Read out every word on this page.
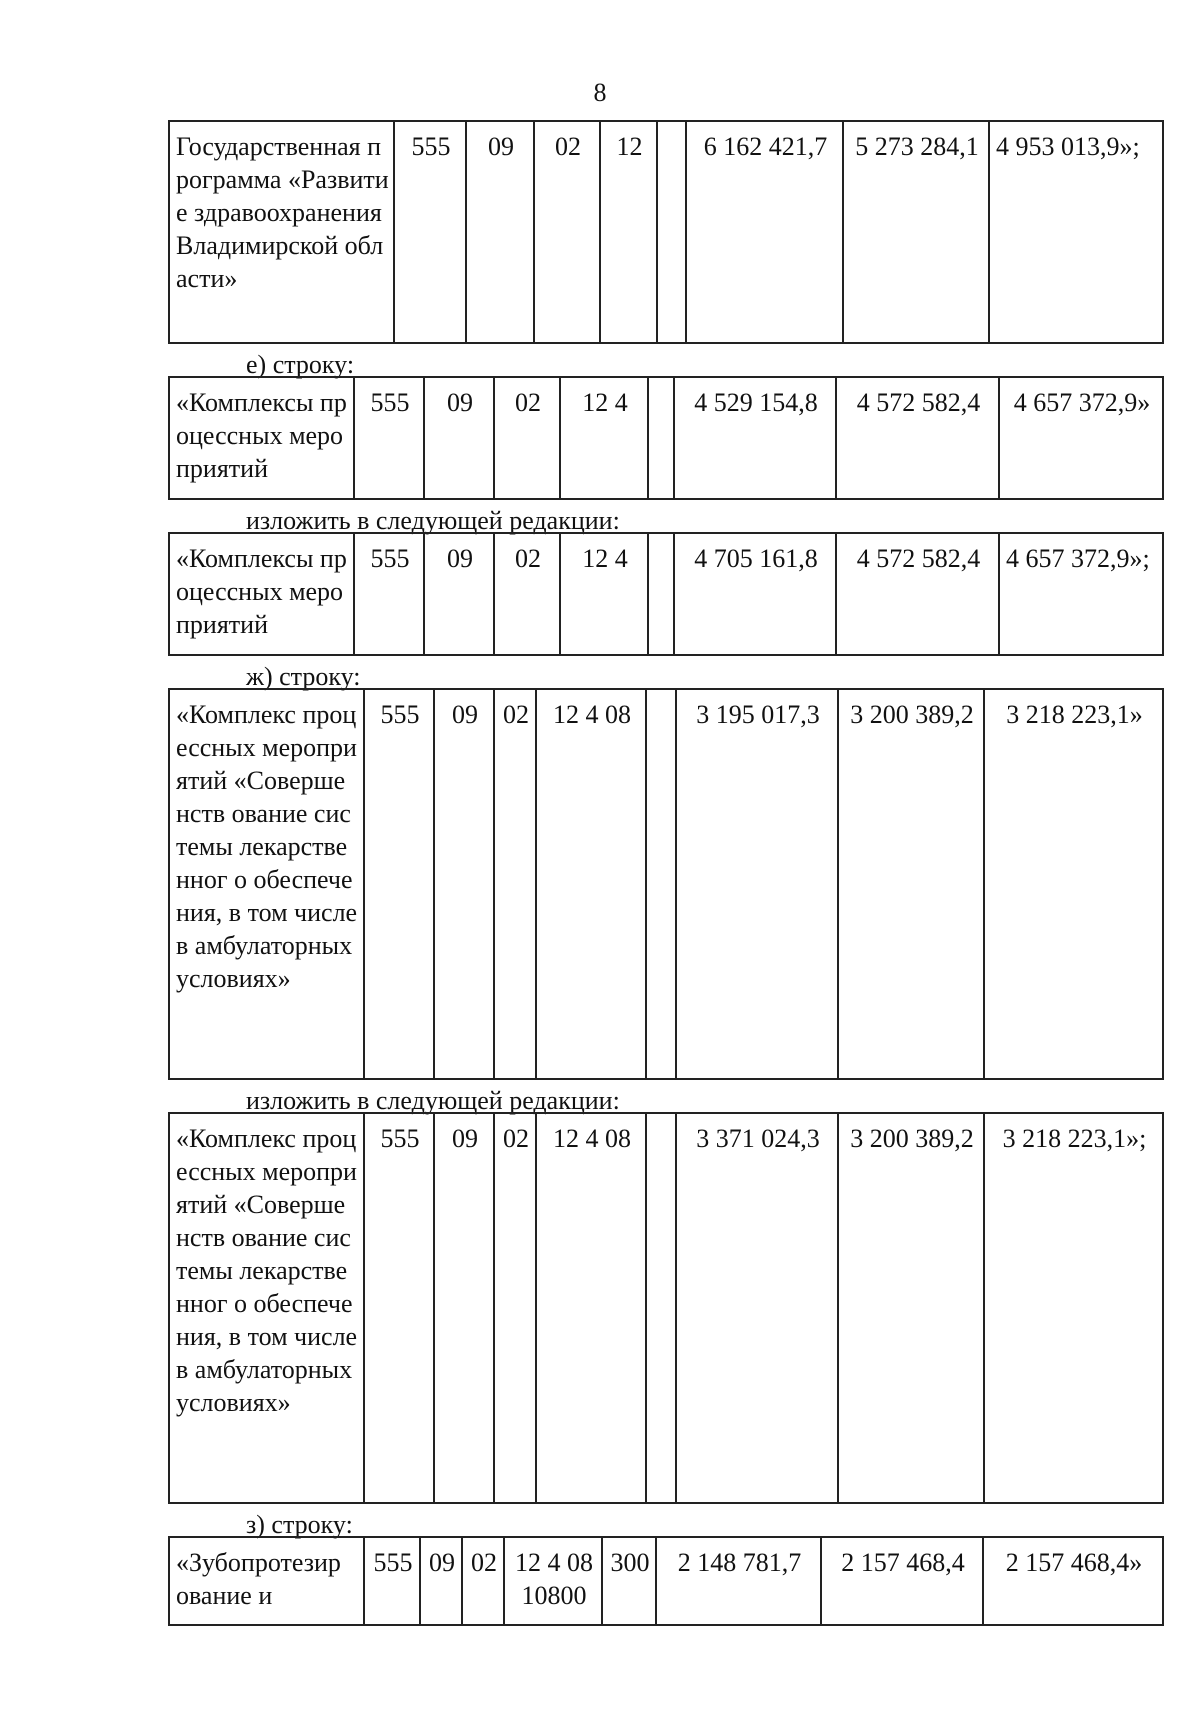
8
Государственная программа «Развитие здравоохранения Владимирской области»	555	09	02	12		6 162 421,7	5 273 284,1	4 953 013,9»;
е) строку:
«Комплексы процессных мероприятий	555	09	02	12 4		4 529 154,8	4 572 582,4	4 657 372,9»
изложить в следующей редакции:
«Комплексы процессных мероприятий	555	09	02	12 4		4 705 161,8	4 572 582,4	4 657 372,9»;
ж) строку:
«Комплекс процессных мероприятий «Совершенств ование системы лекарственног о обеспечения, в том числе в амбулаторных условиях»	555	09	02	12 4 08		3 195 017,3	3 200 389,2	3 218 223,1»
изложить в следующей редакции:
«Комплекс процессных мероприятий «Совершенств ование системы лекарственног о обеспечения, в том числе в амбулаторных условиях»	555	09	02	12 4 08		3 371 024,3	3 200 389,2	3 218 223,1»;
з) строку:
«Зубопротезир ование и	555	09	02	12 4 08 10800	300	2 148 781,7	2 157 468,4	2 157 468,4»
